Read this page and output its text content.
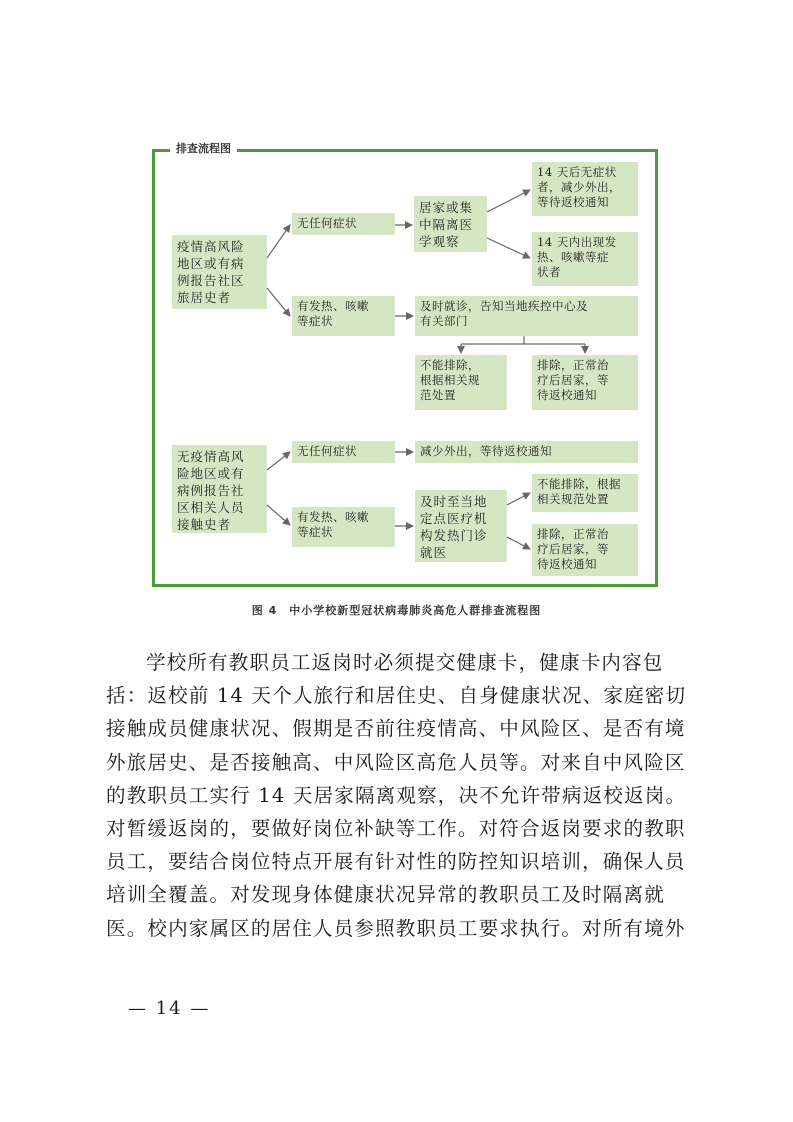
排查流程图
疫情高风险
地区或有病
例报告社区
旅居史者
无任何症状
居家或集
中隔离医
学观察
14 天后无症状
者，减少外出，
等待返校通知
14 天内出现发
热、咳嗽等症
状者
有发热、咳嗽
等症状
及时就诊，告知当地疾控中心及
有关部门
不能排除，
根据相关规
范处置
排除，正常治
疗后居家，等
待返校通知
无疫情高风
险地区或有
病例报告社
区相关人员
接触史者
无任何症状	减少外出，等待返校通知
有发热、咳嗽
等症状
及时至当地
定点医疗机
构发热门诊
就医
不能排除，根据
相关规范处置
排除，正常治
疗后居家，等
待返校通知
图 4　中小学校新型冠状病毒肺炎高危人群排查流程图
学校所有教职员工返岗时必须提交健康卡，健康卡内容包
括：返校前 14 天个人旅行和居住史、自身健康状况、家庭密切
接触成员健康状况、假期是否前往疫情高、中风险区、是否有境
外旅居史、是否接触高、中风险区高危人员等。对来自中风险区
的教职员工实行 14 天居家隔离观察，决不允许带病返校返岗。
对暂缓返岗的，要做好岗位补缺等工作。对符合返岗要求的教职
员工，要结合岗位特点开展有针对性的防控知识培训，确保人员
培训全覆盖。对发现身体健康状况异常的教职员工及时隔离就
医。校内家属区的居住人员参照教职员工要求执行。对所有境外
— 14 —
